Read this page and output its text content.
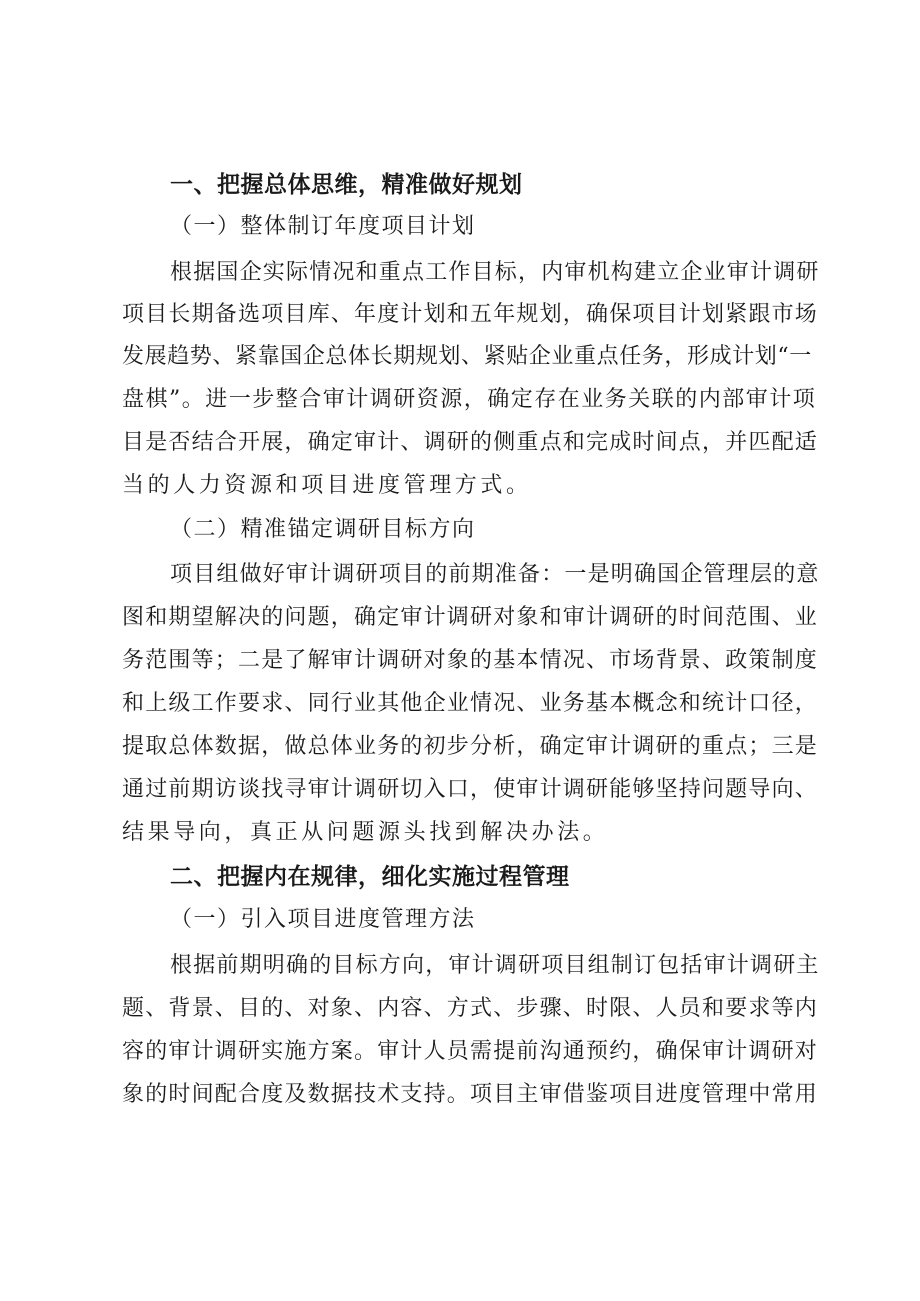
一、把握总体思维，精准做好规划
（一）整体制订年度项目计划
根据国企实际情况和重点工作目标，内审机构建立企业审计调研
项目长期备选项目库、年度计划和五年规划，确保项目计划紧跟市场
发展趋势、紧靠国企总体长期规划、紧贴企业重点任务，形成计划“一
盘棋”。进一步整合审计调研资源，确定存在业务关联的内部审计项
目是否结合开展，确定审计、调研的侧重点和完成时间点，并匹配适
当的人力资源和项目进度管理方式。
（二）精准锚定调研目标方向
项目组做好审计调研项目的前期准备：一是明确国企管理层的意
图和期望解决的问题，确定审计调研对象和审计调研的时间范围、业
务范围等；二是了解审计调研对象的基本情况、市场背景、政策制度
和上级工作要求、同行业其他企业情况、业务基本概念和统计口径，
提取总体数据，做总体业务的初步分析，确定审计调研的重点；三是
通过前期访谈找寻审计调研切入口，使审计调研能够坚持问题导向、
结果导向，真正从问题源头找到解决办法。
二、把握内在规律，细化实施过程管理
（一）引入项目进度管理方法
根据前期明确的目标方向，审计调研项目组制订包括审计调研主
题、背景、目的、对象、内容、方式、步骤、时限、人员和要求等内
容的审计调研实施方案。审计人员需提前沟通预约，确保审计调研对
象的时间配合度及数据技术支持。项目主审借鉴项目进度管理中常用
